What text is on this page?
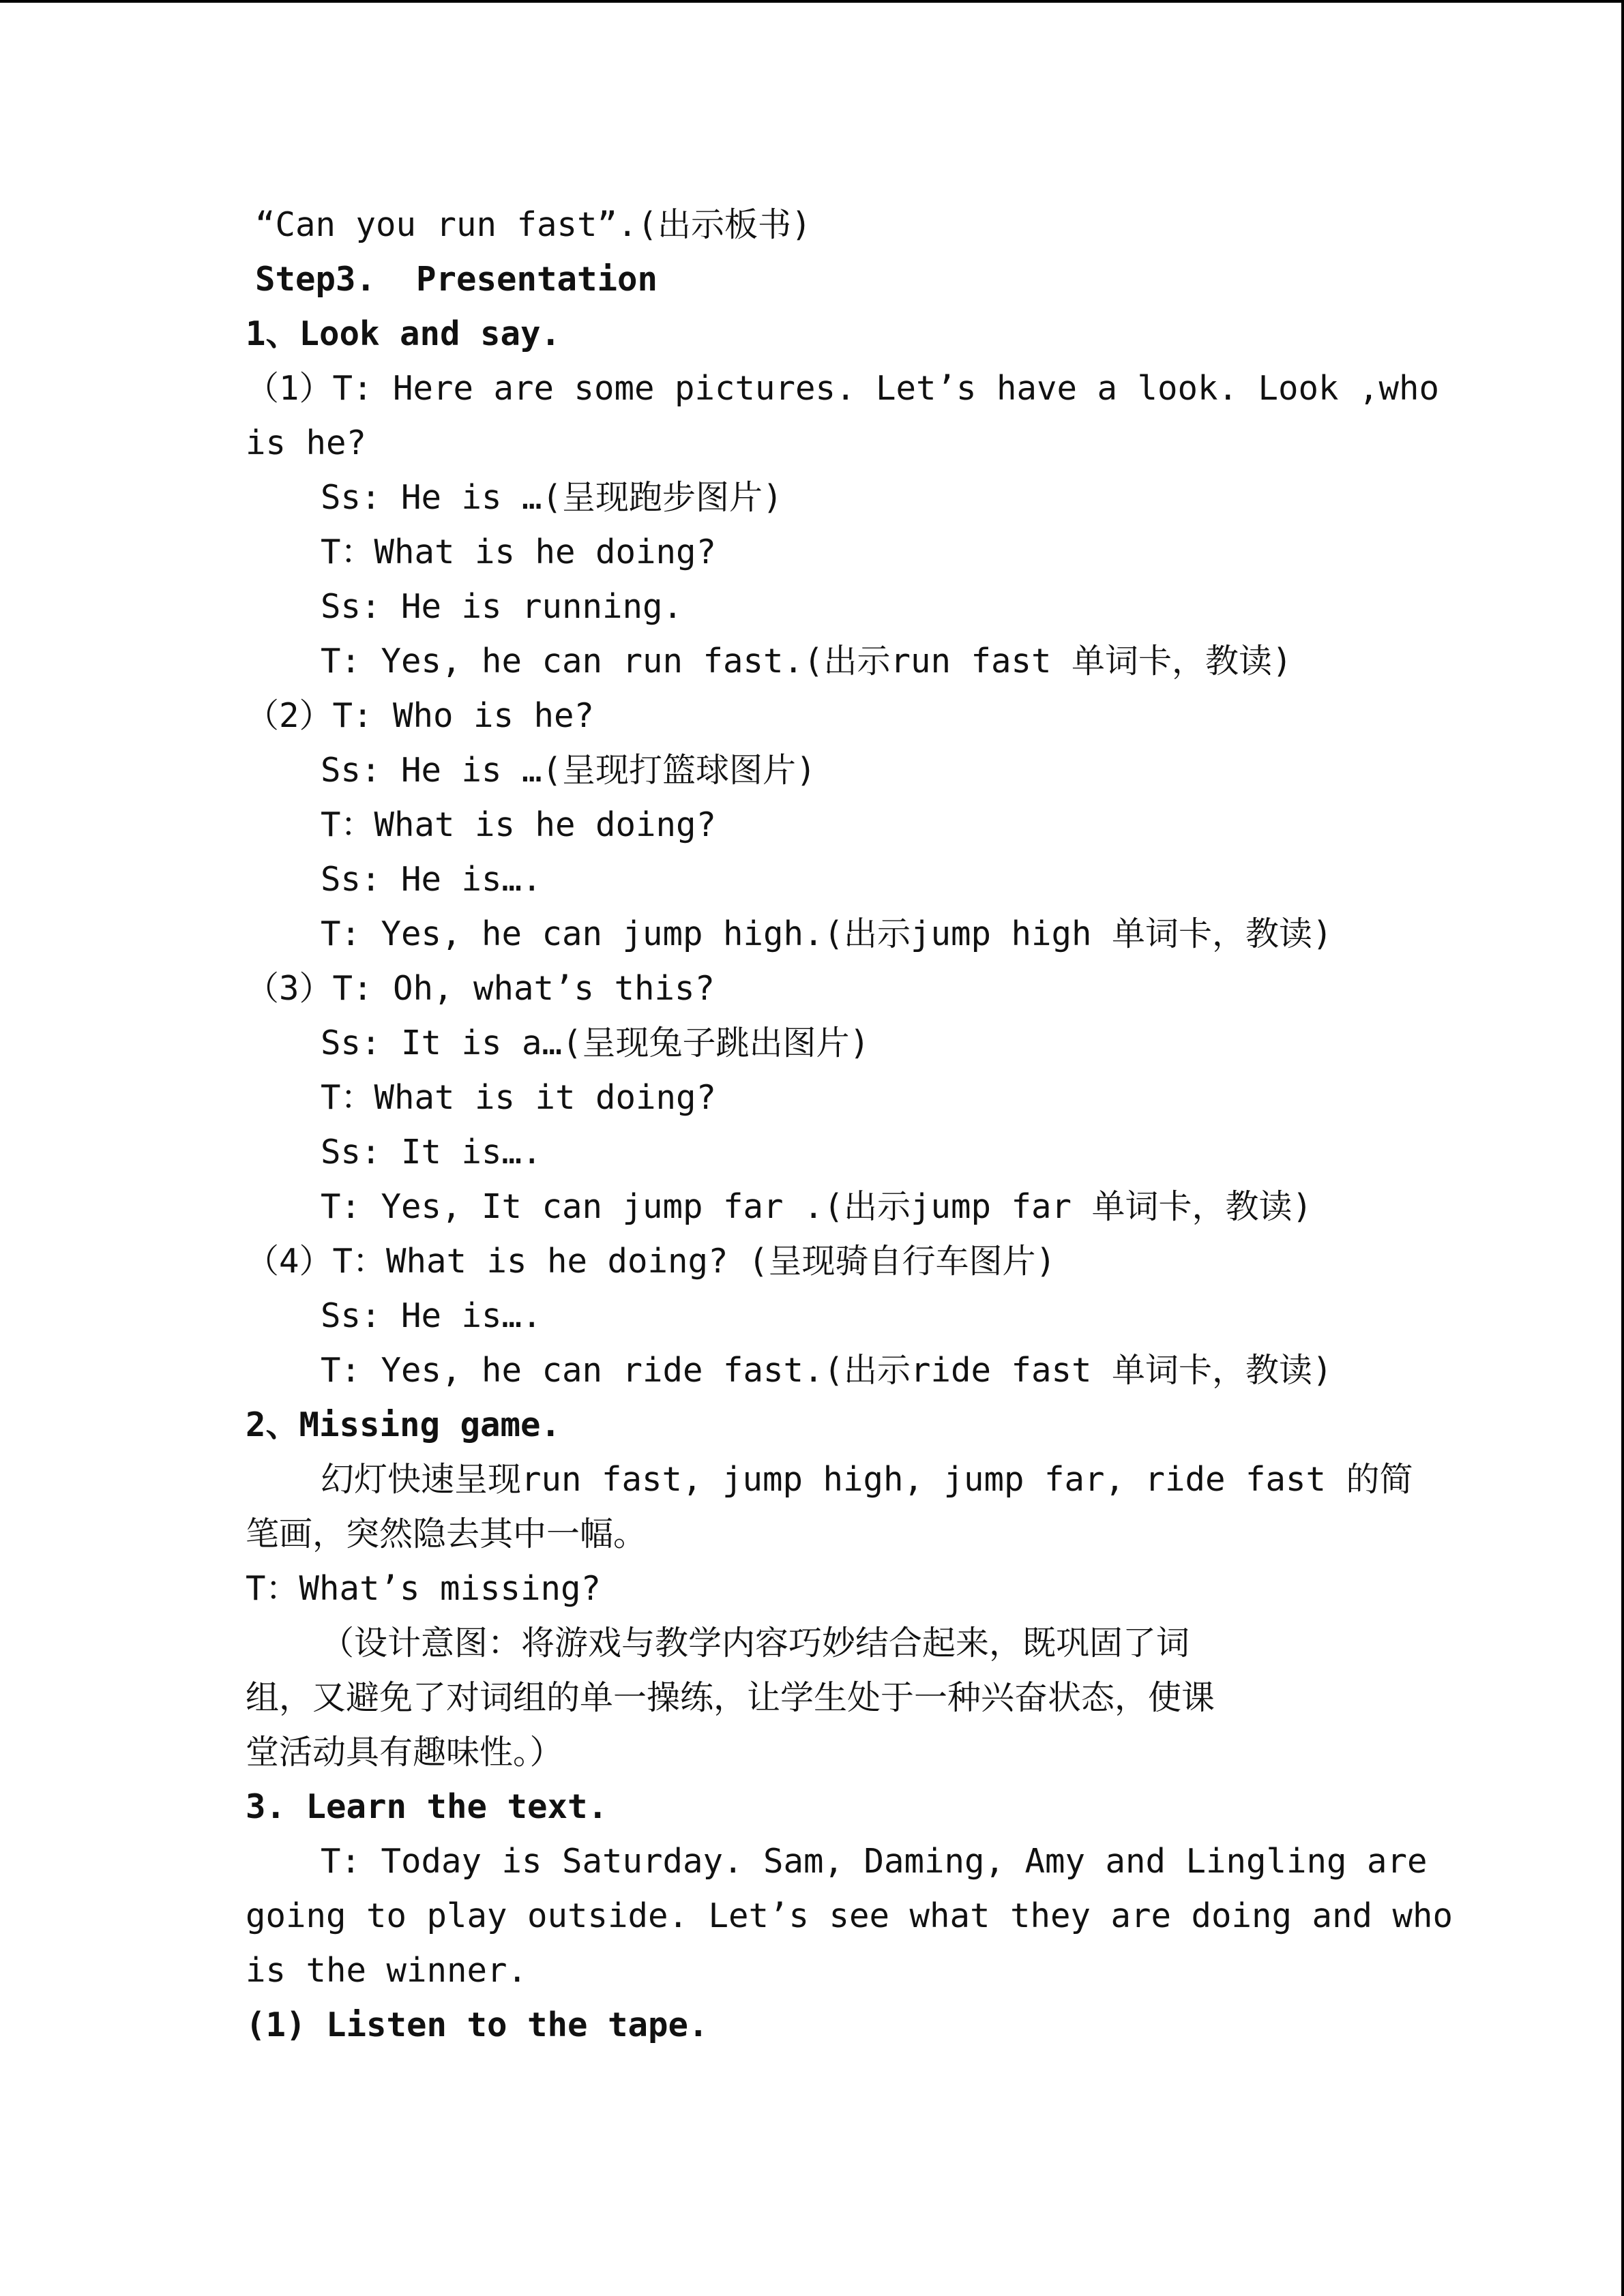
“Can you run fast”.(出示板书)
Step3.  Presentation
1、Look and say.
（1）T: Here are some pictures. Let’s have a look. Look ,who
is he?
Ss: He is …(呈现跑步图片)
T：What is he doing?
Ss: He is running.
T: Yes, he can run fast.(出示run fast 单词卡，教读)
（2）T: Who is he?
Ss: He is …(呈现打篮球图片)
T：What is he doing?
Ss: He is….
T: Yes, he can jump high.(出示jump high 单词卡，教读)
（3）T: Oh, what’s this?
Ss: It is a…(呈现兔子跳出图片)
T：What is it doing?
Ss: It is….
T: Yes, It can jump far .(出示jump far 单词卡，教读)
（4）T：What is he doing? (呈现骑自行车图片)
Ss: He is….
T: Yes, he can ride fast.(出示ride fast 单词卡，教读)
2、Missing game.
幻灯快速呈现run fast, jump high, jump far, ride fast 的简
笔画，突然隐去其中一幅。
T：What’s missing?
（设计意图：将游戏与教学内容巧妙结合起来，既巩固了词
组，又避免了对词组的单一操练，让学生处于一种兴奋状态，使课
堂活动具有趣味性。）
3. Learn the text.
T: Today is Saturday. Sam, Daming, Amy and Lingling are
going to play outside. Let’s see what they are doing and who
is the winner.
(1) Listen to the tape.
